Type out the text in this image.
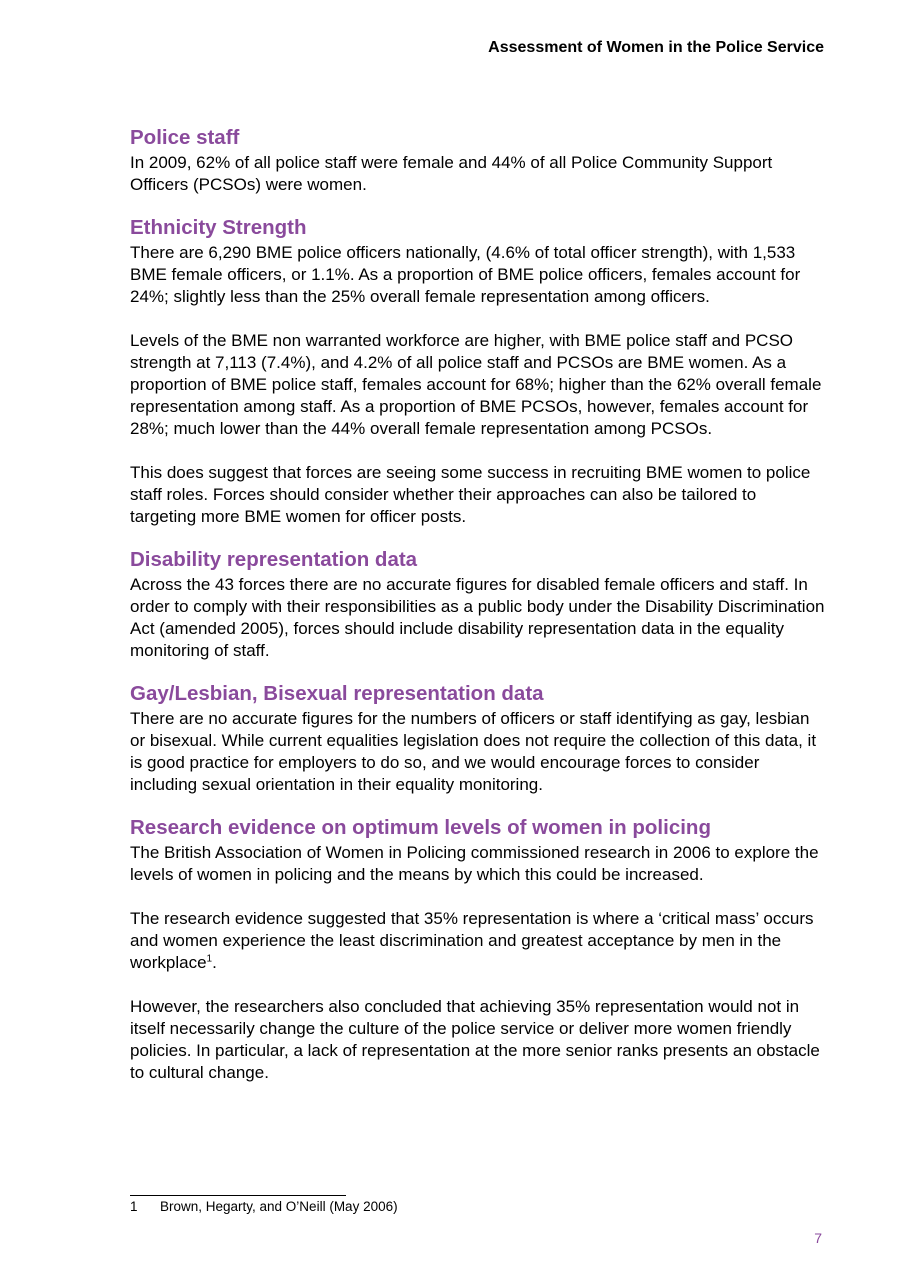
Assessment of Women in the Police Service
Police staff

In 2009, 62% of all police staff were female and 44% of all Police Community Support Officers (PCSOs) were women.

Ethnicity Strength

There are 6,290 BME police officers nationally, (4.6% of total officer strength), with 1,533 BME female officers, or 1.1%. As a proportion of BME police officers, females account for 24%; slightly less than the 25% overall female representation among officers.

Levels of the BME non warranted workforce are higher, with BME police staff and PCSO strength at 7,113 (7.4%), and 4.2% of all police staff and PCSOs are BME women. As a proportion of BME police staff, females account for 68%; higher than the 62% overall female representation among staff. As a proportion of BME PCSOs, however, females account for 28%; much lower than the 44% overall female representation among PCSOs.

This does suggest that forces are seeing some success in recruiting BME women to police staff roles. Forces should consider whether their approaches can also be tailored to targeting more BME women for officer posts.

Disability representation data

Across the 43 forces there are no accurate figures for disabled female officers and staff. In order to comply with their responsibilities as a public body under the Disability Discrimination Act (amended 2005), forces should include disability representation data in the equality monitoring of staff.

Gay/Lesbian, Bisexual representation data

There are no accurate figures for the numbers of officers or staff identifying as gay, lesbian or bisexual. While current equalities legislation does not require the collection of this data, it is good practice for employers to do so, and we would encourage forces to consider including sexual orientation in their equality monitoring.

Research evidence on optimum levels of women in policing

The British Association of Women in Policing commissioned research in 2006 to explore the levels of women in policing and the means by which this could be increased.

The research evidence suggested that 35% representation is where a ‘critical mass’ occurs and women experience the least discrimination and greatest acceptance by men in the workplace$^1$.

However, the researchers also concluded that achieving 35% representation would not in itself necessarily change the culture of the police service or deliver more women friendly policies. In particular, a lack of representation at the more senior ranks presents an obstacle to cultural change.

1 Brown, Hegarty, and O’Neill (May 2006)
7
